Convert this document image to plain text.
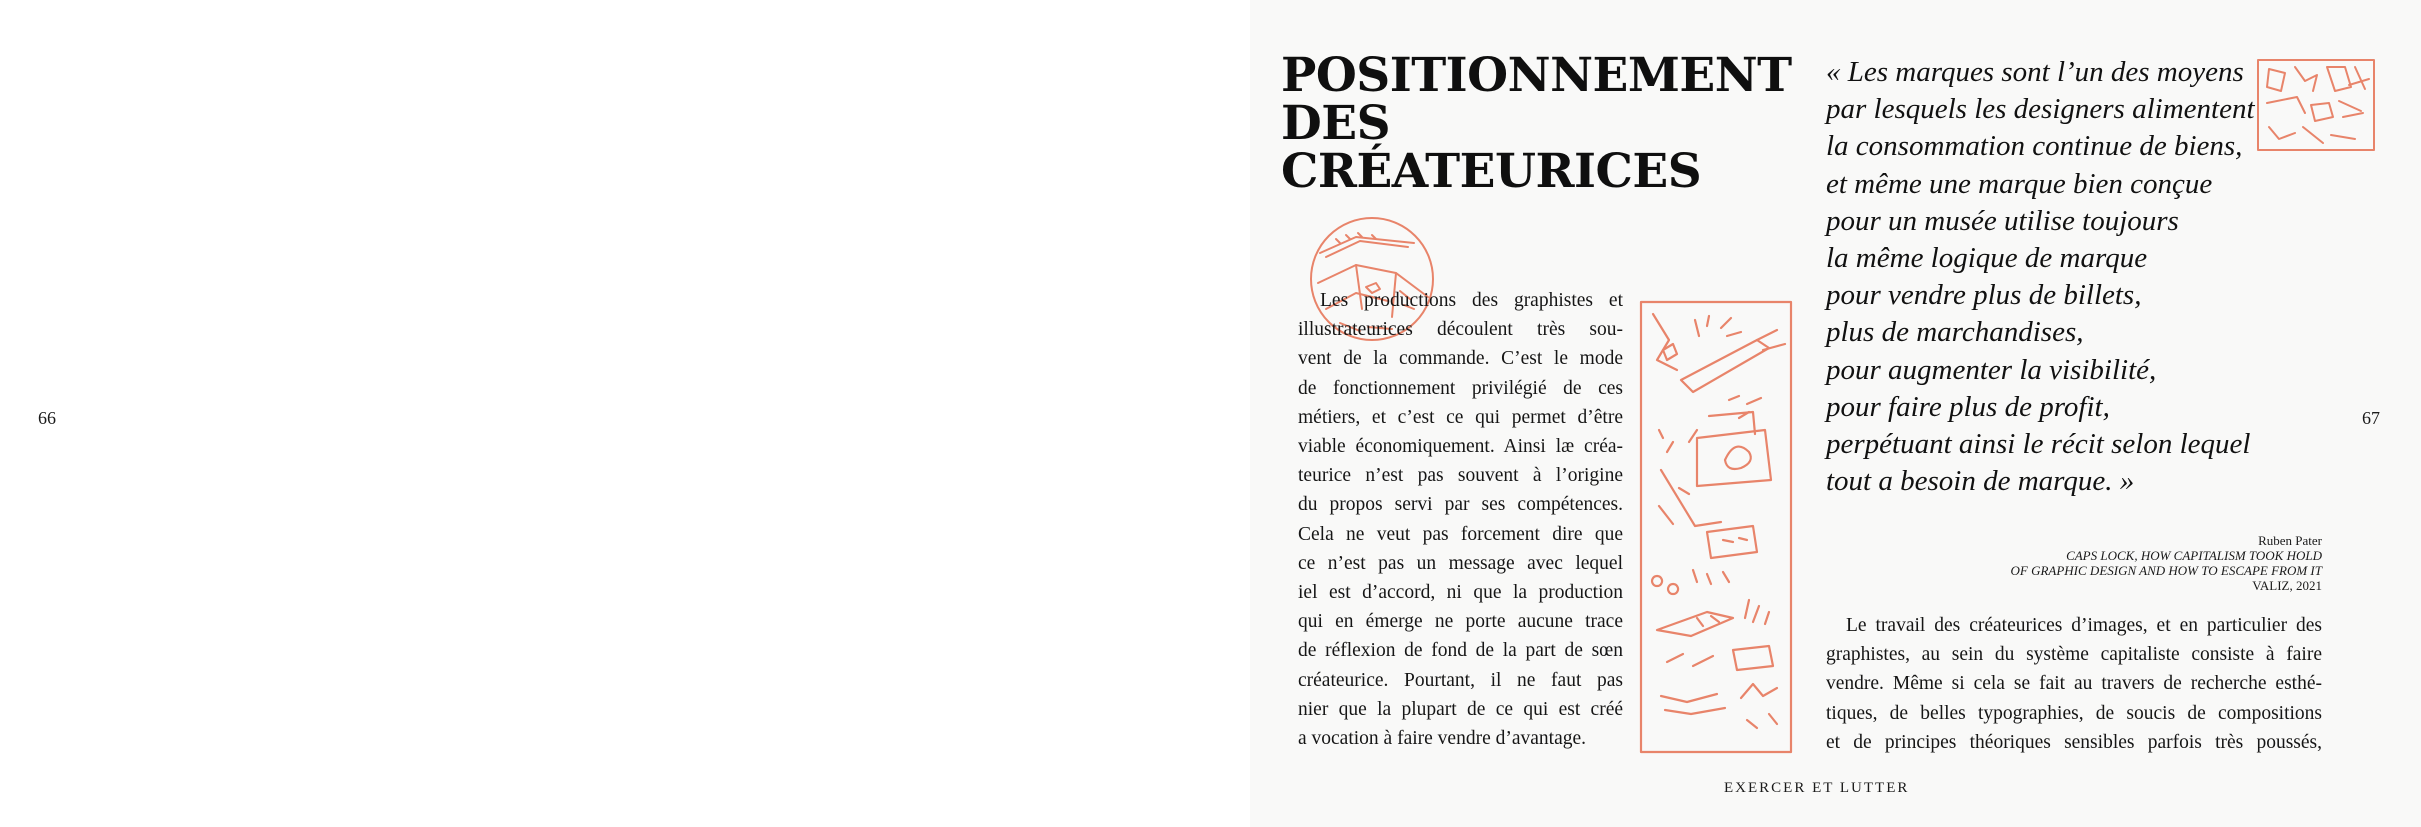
66	67
POSITIONNEMENT
DES
CRÉATEURICES
Les productions des graphistes et
illustrateurices découlent très sou-
vent de la commande. C’est le mode
de fonctionnement privilégié de ces
métiers, et c’est ce qui permet d’être
viable économiquement. Ainsi læ créa-
teurice n’est pas souvent à l’origine
du propos servi par ses compétences.
Cela ne veut pas forcement dire que
ce n’est pas un message avec lequel
iel est d’accord, ni que la production
qui en émerge ne porte aucune trace
de réflexion de fond de la part de sœn
créateurice. Pourtant, il ne faut pas
nier que la plupart de ce qui est créé
a vocation à faire vendre d’avantage.
« Les marques sont l’un des moyens
par lesquels les designers alimentent
la consommation continue de biens,
et même une marque bien conçue
pour un musée utilise toujours
la même logique de marque
pour vendre plus de billets,
plus de marchandises,
pour augmenter la visibilité,
pour faire plus de profit,
perpétuant ainsi le récit selon lequel
tout a besoin de marque. »
Ruben Pater
CAPS LOCK, HOW CAPITALISM TOOK HOLD
OF GRAPHIC DESIGN AND HOW TO ESCAPE FROM IT
VALIZ, 2021
Le travail des créateurices d’images, et en particulier des
graphistes, au sein du système capitaliste consiste à faire
vendre. Même si cela se fait au travers de recherche esthé-
tiques, de belles typographies, de soucis de compositions
et de principes théoriques sensibles parfois très poussés,
EXERCER ET LUTTER
